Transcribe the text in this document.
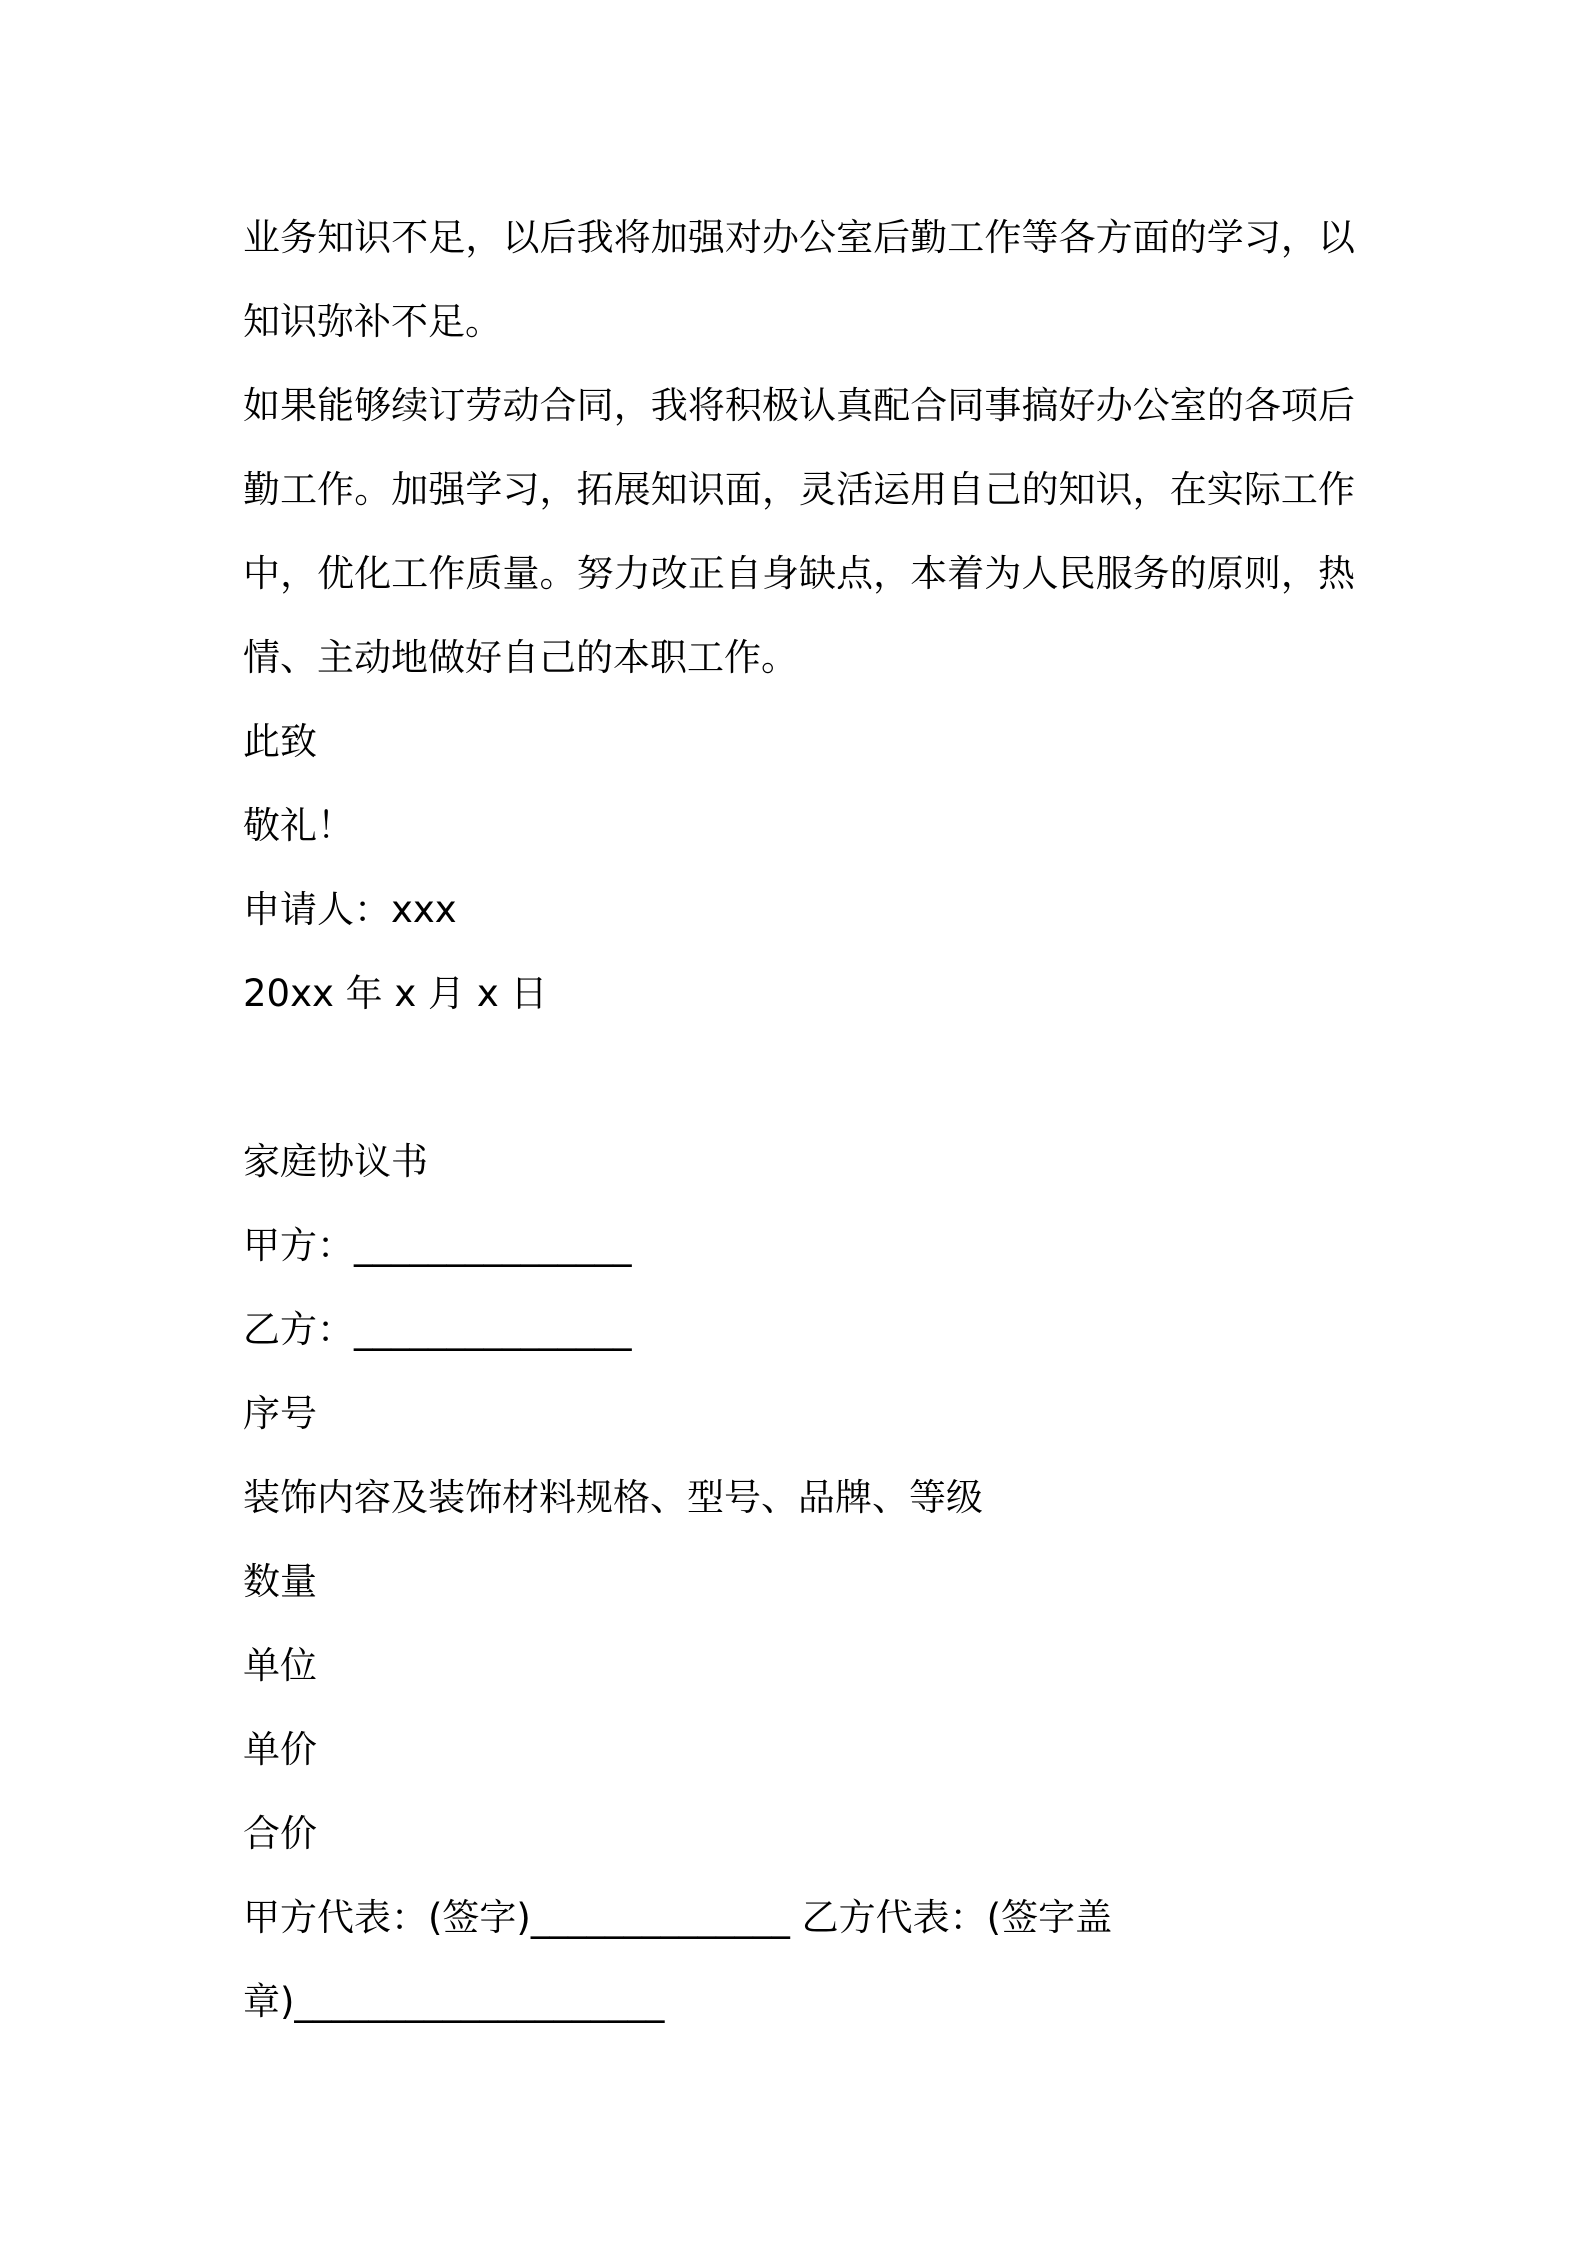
业务知识不足，以后我将加强对办公室后勤工作等各方面的学习，以

知识弥补不足。

如果能够续订劳动合同，我将积极认真配合同事搞好办公室的各项后

勤工作。加强学习，拓展知识面，灵活运用自己的知识，在实际工作

中，优化工作质量。努力改正自身缺点，本着为人民服务的原则，热

情、主动地做好自己的本职工作。

此致

敬礼！

申请人：xxx

20xx 年 x 月 x 日

家庭协议书

甲方：_______________

乙方：_______________

序号

装饰内容及装饰材料规格、型号、品牌、等级

数量

单位

单价

合价

甲方代表：(签字)______________ 乙方代表：(签字盖

章)____________________
